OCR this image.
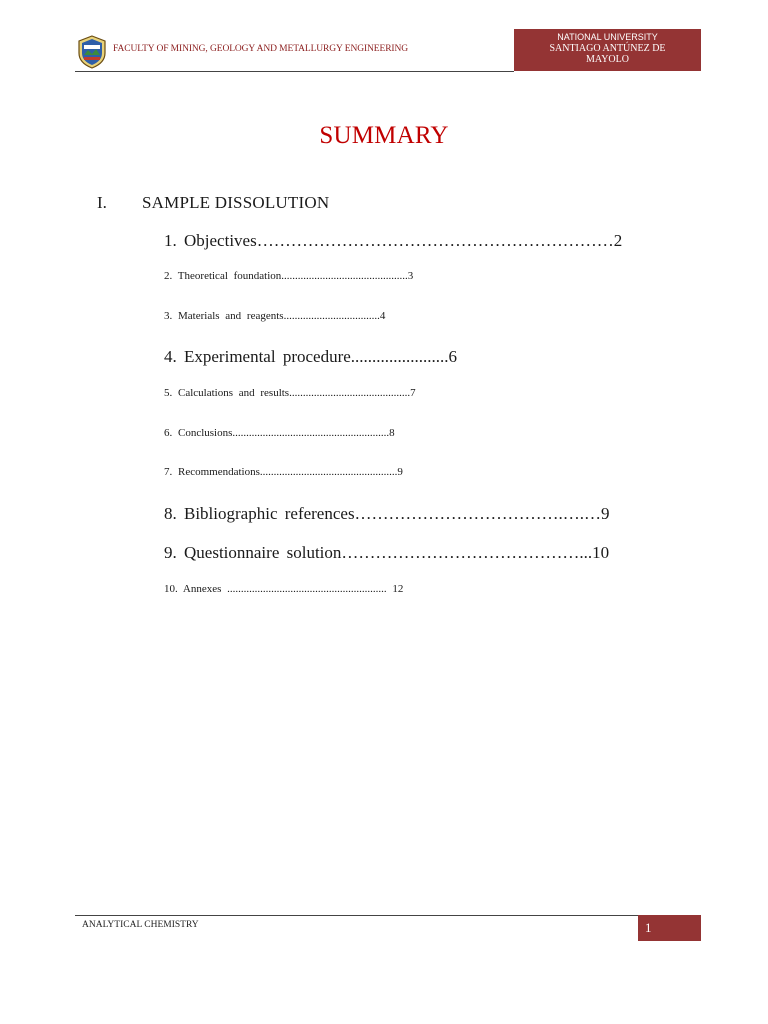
FACULTY OF MINING, GEOLOGY AND METALLURGY ENGINEERING
NATIONAL UNIVERSITY
SANTIAGO ANTÚNEZ DE
MAYOLO
SUMMARY
I. SAMPLE DISSOLUTION
1. Objectives………………………………………………………2
2. Theoretical foundation..............................................3
3. Materials and reagents...................................4
4. Experimental procedure.......................6
5. Calculations and results............................................7
6. Conclusions.........................................................8
7. Recommendations..................................................9
8. Bibliographic references……………………………….….…9
9. Questionnaire solution……………………………………...10
10. Annexes .......................................................... 12
ANALYTICAL CHEMISTRY	1
